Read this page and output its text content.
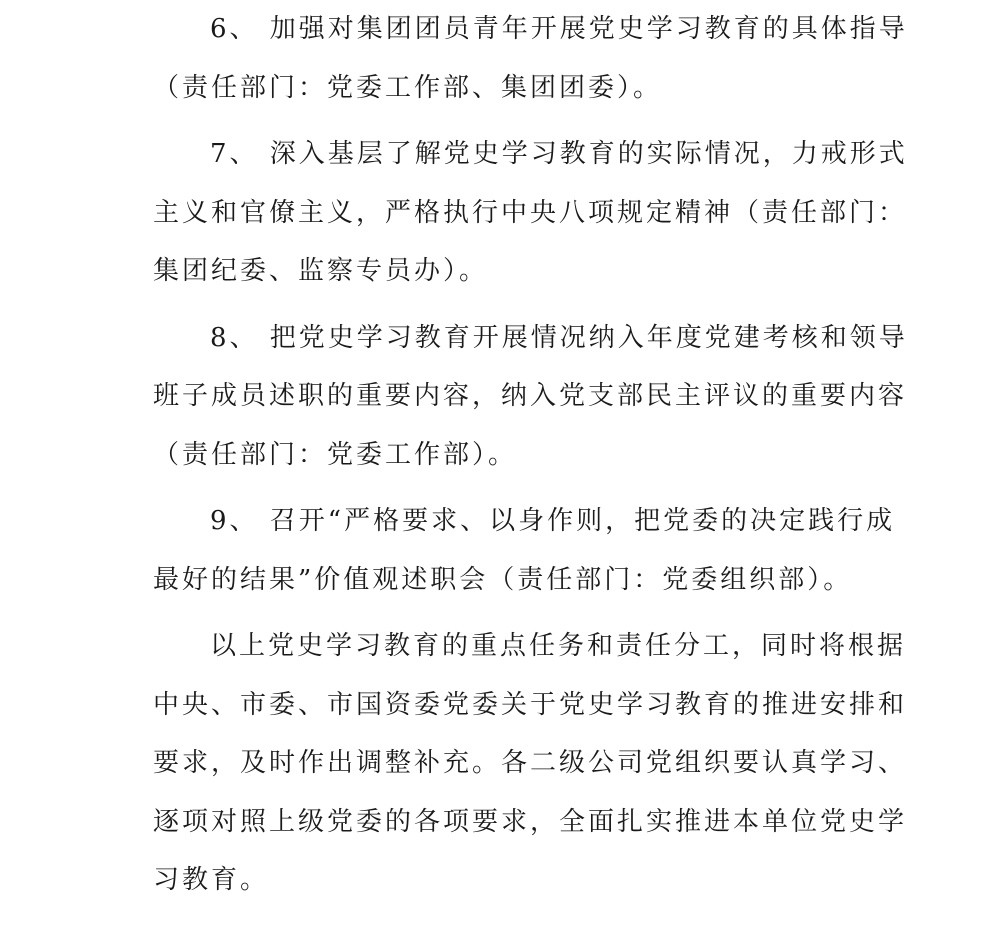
6、 加强对集团团员青年开展党史学习教育的具体指导
（责任部门：党委工作部、集团团委）。
7、 深入基层了解党史学习教育的实际情况，力戒形式
主义和官僚主义，严格执行中央八项规定精神（责任部门：
集团纪委、监察专员办）。
8、 把党史学习教育开展情况纳入年度党建考核和领导
班子成员述职的重要内容，纳入党支部民主评议的重要内容
（责任部门：党委工作部）。
9、 召开“严格要求、以身作则，把党委的决定践行成
最好的结果”价值观述职会（责任部门：党委组织部）。
以上党史学习教育的重点任务和责任分工，同时将根据
中央、市委、市国资委党委关于党史学习教育的推进安排和
要求，及时作出调整补充。各二级公司党组织要认真学习、
逐项对照上级党委的各项要求，全面扎实推进本单位党史学
习教育。
